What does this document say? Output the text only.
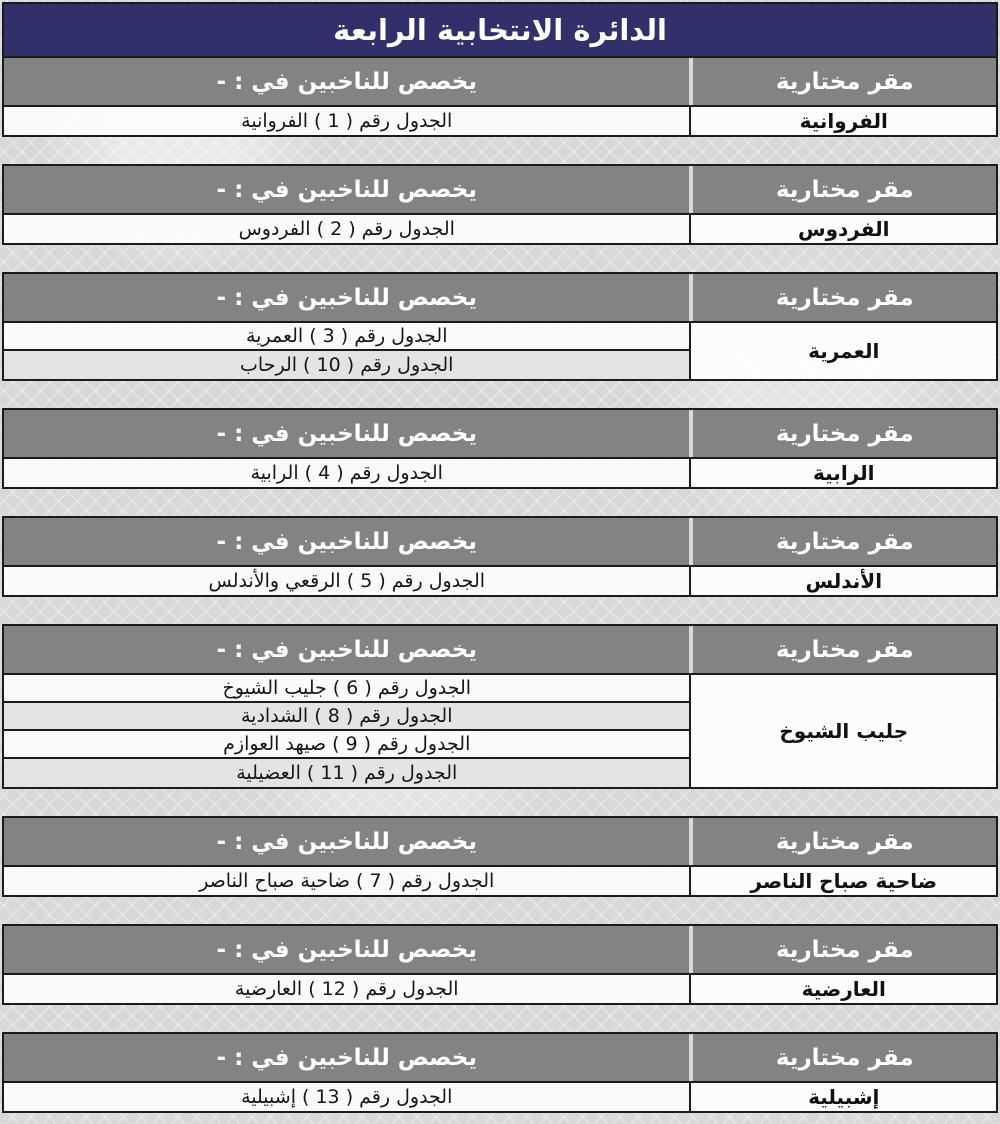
الدائرة الانتخابية الرابعة
مقر مختارية
يخصص للناخبين في : -
الفروانية
الجدول رقم ( 1 ) الفروانية
مقر مختارية
يخصص للناخبين في : -
الفردوس
الجدول رقم ( 2 ) الفردوس
مقر مختارية
يخصص للناخبين في : -
العمرية
الجدول رقم ( 3 ) العمرية
الجدول رقم ( 10 ) الرحاب
مقر مختارية
يخصص للناخبين في : -
الرابية
الجدول رقم ( 4 ) الرابية
مقر مختارية
يخصص للناخبين في : -
الأندلس
الجدول رقم ( 5 ) الرقعي والأندلس
مقر مختارية
يخصص للناخبين في : -
جليب الشيوخ
الجدول رقم ( 6 ) جليب الشيوخ
الجدول رقم ( 8 ) الشدادية
الجدول رقم ( 9 ) صيهد العوازم
الجدول رقم ( 11 ) العضيلية
مقر مختارية
يخصص للناخبين في : -
ضاحية صباح الناصر
الجدول رقم ( 7 ) ضاحية صباح الناصر
مقر مختارية
يخصص للناخبين في : -
العارضية
الجدول رقم ( 12 ) العارضية
مقر مختارية
يخصص للناخبين في : -
إشبيلية
الجدول رقم ( 13 ) إشبيلية
